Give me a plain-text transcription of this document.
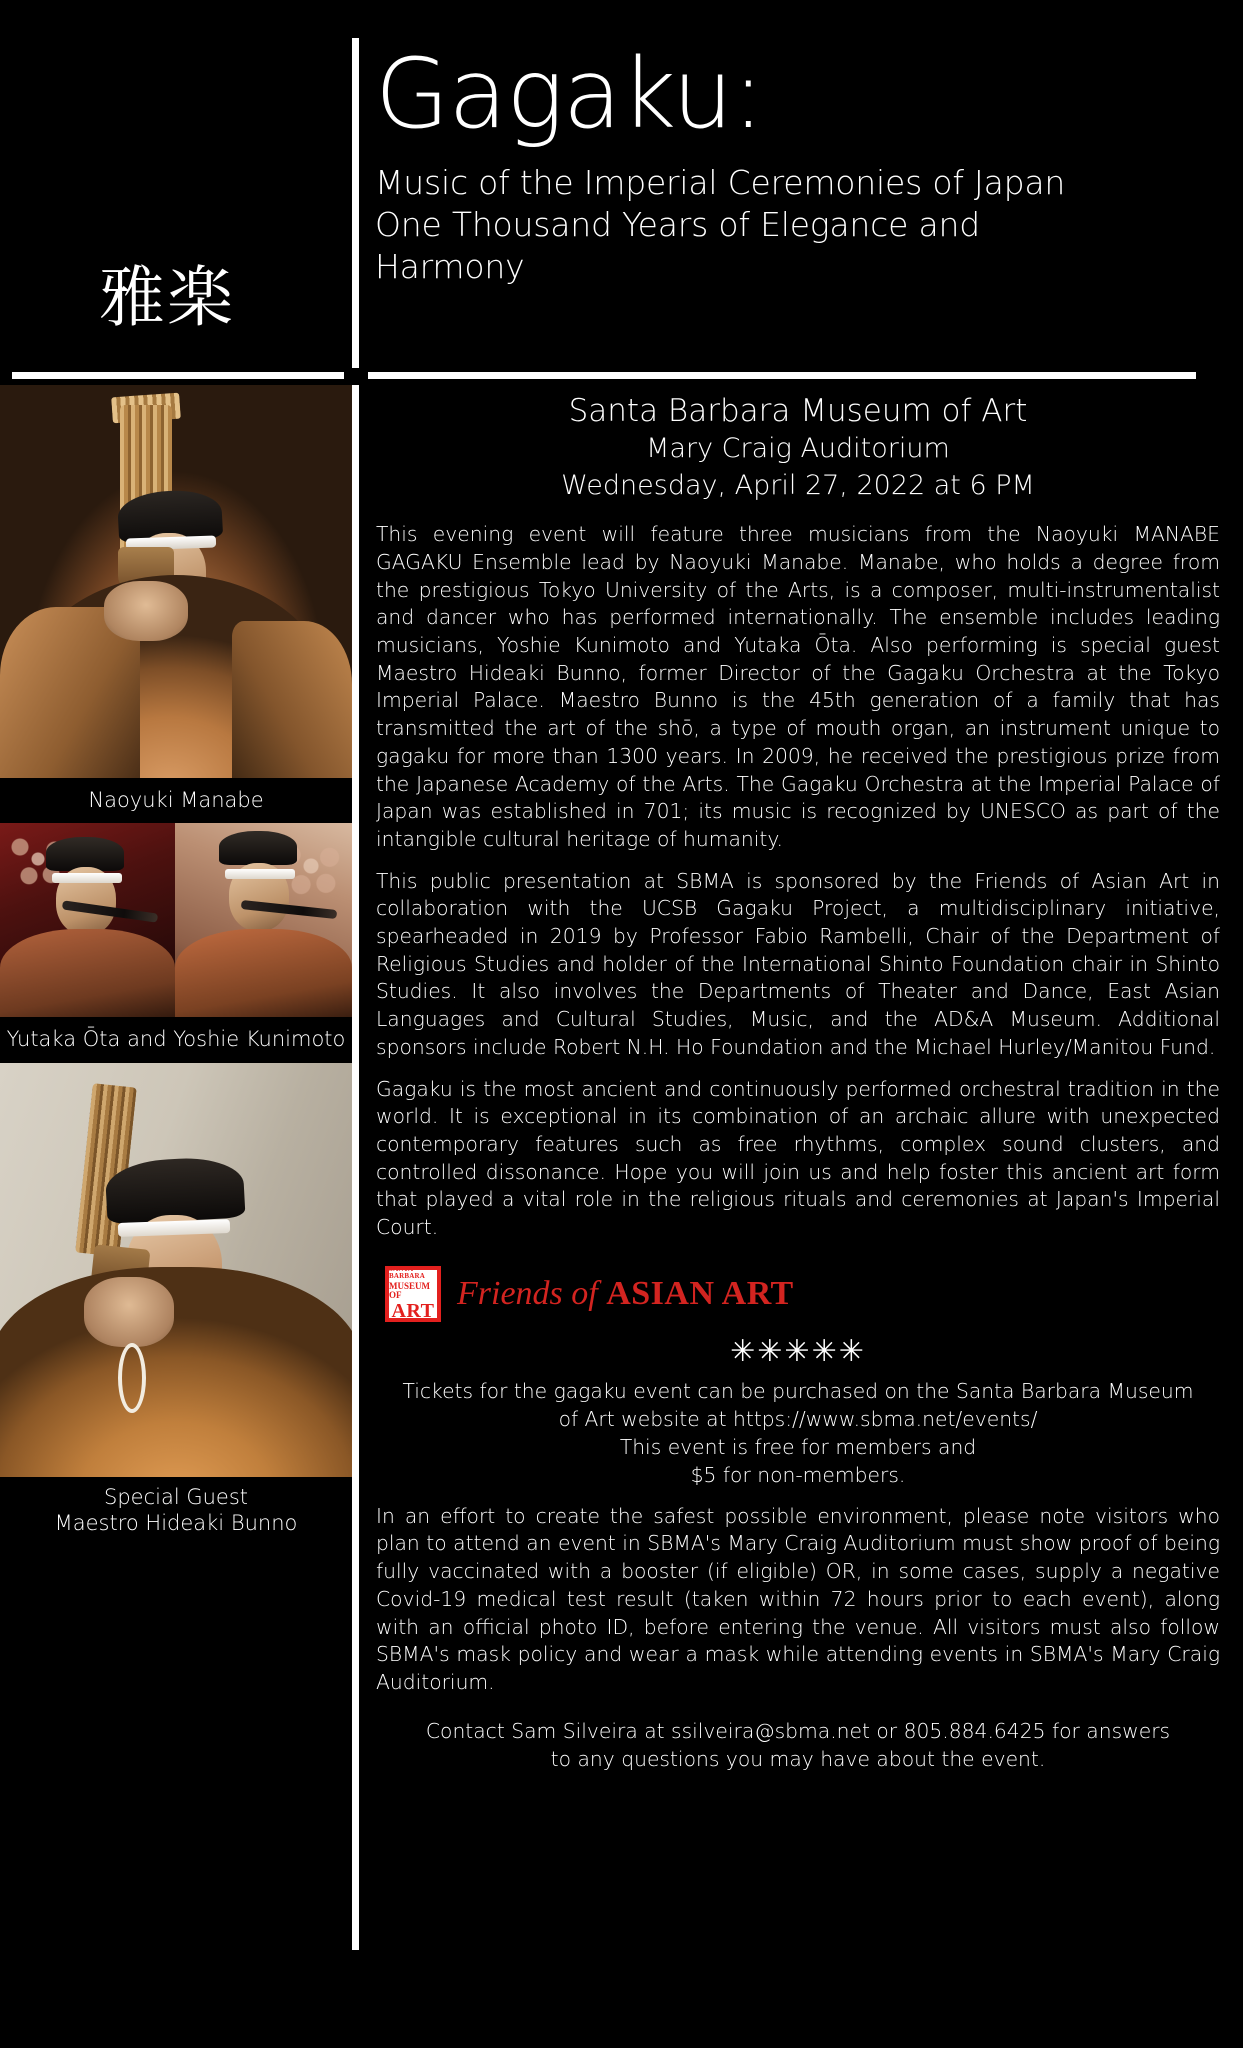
雅楽
Gagaku:
Music of the Imperial Ceremonies of Japan
One Thousand Years of Elegance and
Harmony
Naoyuki Manabe
Yutaka Ōta and Yoshie Kunimoto
Special Guest
Maestro Hideaki Bunno
Santa Barbara Museum of Art
Mary Craig Auditorium
Wednesday, April 27, 2022 at 6 PM

This evening event will feature three musicians from the Naoyuki MANABE GAGAKU Ensemble lead by Naoyuki Manabe. Manabe, who holds a degree from the prestigious Tokyo University of the Arts, is a composer, multi-instrumentalist and dancer who has performed internationally. The ensemble includes leading musicians, Yoshie Kunimoto and Yutaka Ōta. Also performing is special guest Maestro Hideaki Bunno, former Director of the Gagaku Orchestra at the Tokyo Imperial Palace. Maestro Bunno is the 45th generation of a family that has transmitted the art of the shō, a type of mouth organ, an instrument unique to gagaku for more than 1300 years. In 2009, he received the prestigious prize from the Japanese Academy of the Arts. The Gagaku Orchestra at the Imperial Palace of Japan was established in 701; its music is recognized by UNESCO as part of the intangible cultural heritage of humanity.

This public presentation at SBMA is sponsored by the Friends of Asian Art in collaboration with the UCSB Gagaku Project, a multidisciplinary initiative, spearheaded in 2019 by Professor Fabio Rambelli, Chair of the Department of Religious Studies and holder of the International Shinto Foundation chair in Shinto Studies. It also involves the Departments of Theater and Dance, East Asian Languages and Cultural Studies, Music, and the AD&A Museum. Additional sponsors include Robert N.H. Ho Foundation and the Michael Hurley/Manitou Fund.

Gagaku is the most ancient and continuously performed orchestral tradition in the world. It is exceptional in its combination of an archaic allure with unexpected contemporary features such as free rhythms, complex sound clusters, and controlled dissonance. Hope you will join us and help foster this ancient art form that played a vital role in the religious rituals and ceremonies at Japan's Imperial Court.

SANTA BARBARA
MUSEUM OF
ART Friends of ASIAN ART
✳✳✳✳✳
Tickets for the gagaku event can be purchased on the Santa Barbara Museum
of Art website at https://www.sbma.net/events/
This event is free for members and
$5 for non-members.

In an effort to create the safest possible environment, please note visitors who plan to attend an event in SBMA's Mary Craig Auditorium must show proof of being fully vaccinated with a booster (if eligible) OR, in some cases, supply a negative Covid-19 medical test result (taken within 72 hours prior to each event), along with an official photo ID, before entering the venue. All visitors must also follow SBMA's mask policy and wear a mask while attending events in SBMA's Mary Craig Auditorium.

Contact Sam Silveira at ssilveira@sbma.net or 805.884.6425 for answers
to any questions you may have about the event.
